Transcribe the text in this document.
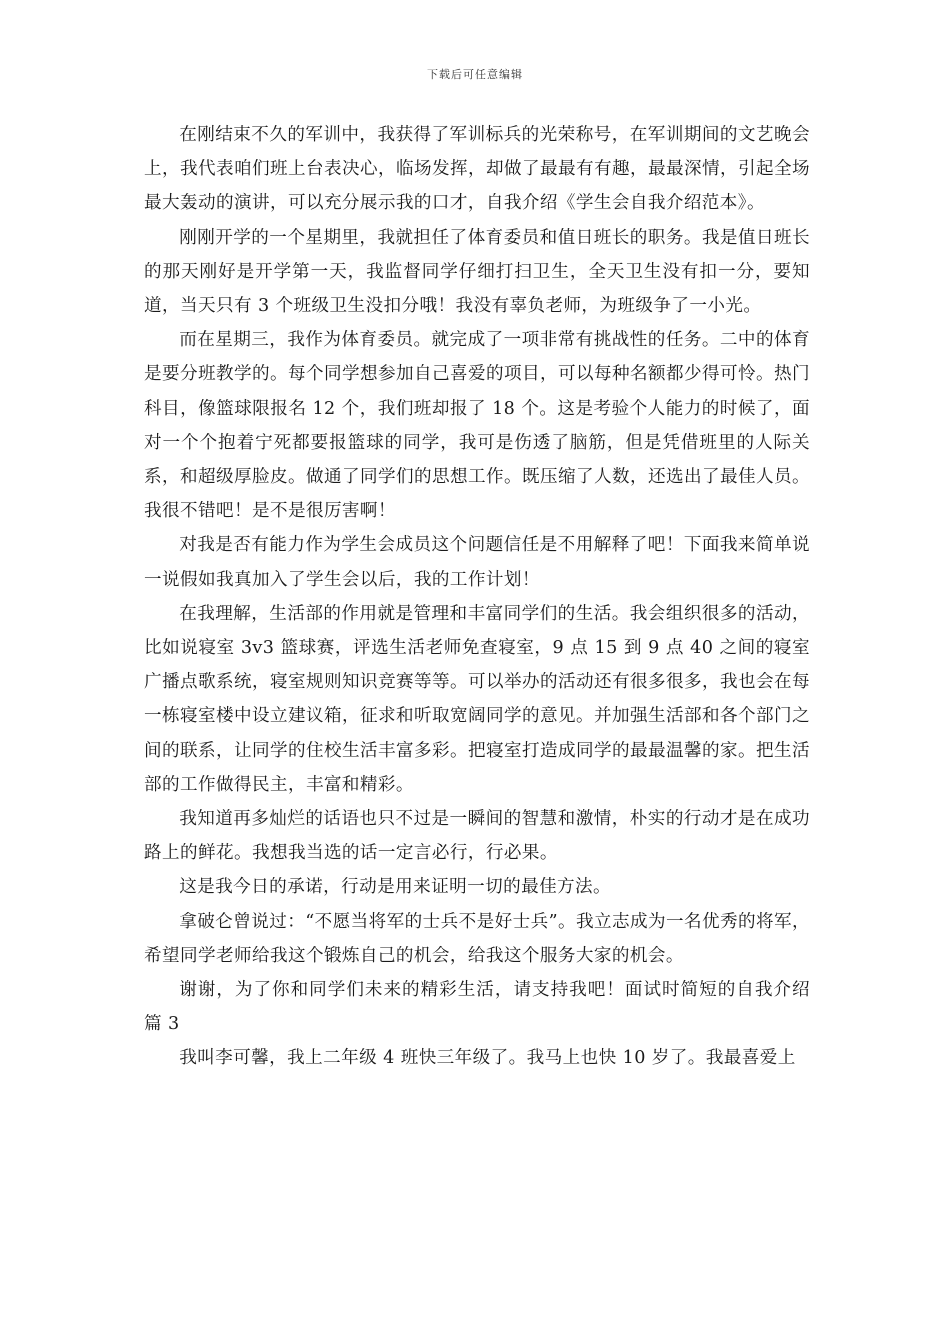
下载后可任意编辑

在刚结束不久的军训中，我获得了军训标兵的光荣称号，在军训期间的文艺晚会上，我代表咱们班上台表决心，临场发挥，却做了最最有有趣，最最深情，引起全场最大轰动的演讲，可以充分展示我的口才，自我介绍《学生会自我介绍范本》。

刚刚开学的一个星期里，我就担任了体育委员和值日班长的职务。我是值日班长的那天刚好是开学第一天，我监督同学仔细打扫卫生，全天卫生没有扣一分，要知道，当天只有 3 个班级卫生没扣分哦！我没有辜负老师，为班级争了一小光。

而在星期三，我作为体育委员。就完成了一项非常有挑战性的任务。二中的体育是要分班教学的。每个同学想参加自己喜爱的项目，可以每种名额都少得可怜。热门科目，像篮球限报名 12 个，我们班却报了 18 个。这是考验个人能力的时候了，面对一个个抱着宁死都要报篮球的同学，我可是伤透了脑筋，但是凭借班里的人际关系，和超级厚脸皮。做通了同学们的思想工作。既压缩了人数，还选出了最佳人员。我很不错吧！是不是很厉害啊！

对我是否有能力作为学生会成员这个问题信任是不用解释了吧！下面我来简单说一说假如我真加入了学生会以后，我的工作计划！

在我理解，生活部的作用就是管理和丰富同学们的生活。我会组织很多的活动，比如说寝室 3v3 篮球赛，评选生活老师免查寝室，9 点 15 到 9 点 40 之间的寝室广播点歌系统，寝室规则知识竞赛等等。可以举办的活动还有很多很多，我也会在每一栋寝室楼中设立建议箱，征求和听取宽阔同学的意见。并加强生活部和各个部门之间的联系，让同学的住校生活丰富多彩。把寝室打造成同学的最最温馨的家。把生活部的工作做得民主，丰富和精彩。

我知道再多灿烂的话语也只不过是一瞬间的智慧和激情，朴实的行动才是在成功路上的鲜花。我想我当选的话一定言必行，行必果。

这是我今日的承诺，行动是用来证明一切的最佳方法。

拿破仑曾说过：“不愿当将军的士兵不是好士兵”。我立志成为一名优秀的将军，希望同学老师给我这个锻炼自己的机会，给我这个服务大家的机会。

谢谢，为了你和同学们未来的精彩生活，请支持我吧！面试时简短的自我介绍 篇 3

我叫李可馨，我上二年级 4 班快三年级了。我马上也快 10 岁了。我最喜爱上
